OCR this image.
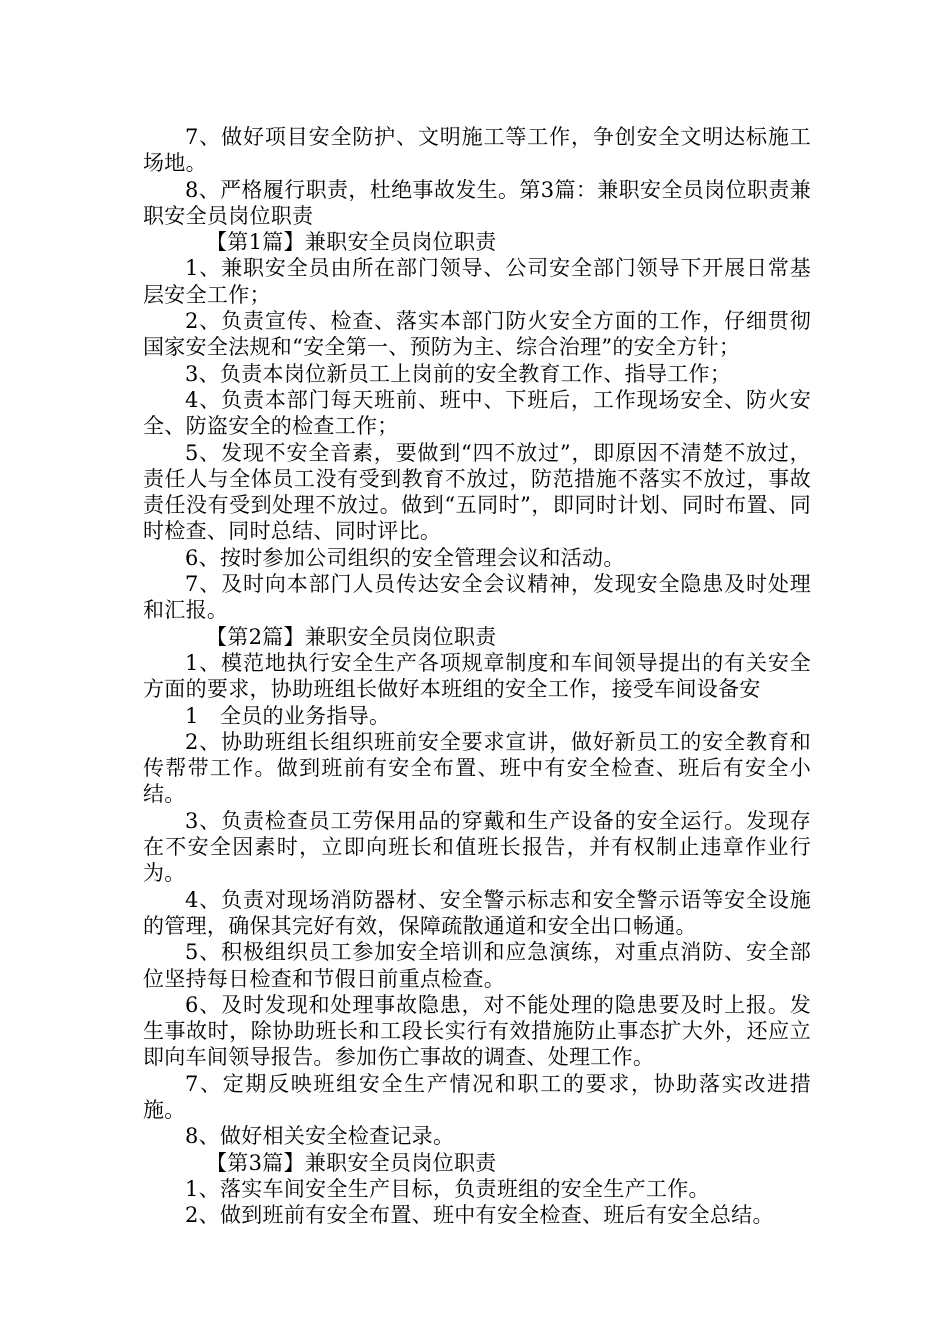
7、做好项目安全防护、文明施工等工作，争创安全文明达标施工场地。

8、严格履行职责，杜绝事故发生。第3篇：兼职安全员岗位职责兼职安全员岗位职责

【第1篇】兼职安全员岗位职责

1、兼职安全员由所在部门领导、公司安全部门领导下开展日常基层安全工作；

2、负责宣传、检查、落实本部门防火安全方面的工作，仔细贯彻国家安全法规和“安全第一、预防为主、综合治理”的安全方针；

3、负责本岗位新员工上岗前的安全教育工作、指导工作；

4、负责本部门每天班前、班中、下班后，工作现场安全、防火安全、防盗安全的检查工作；

5、发现不安全音素，要做到“四不放过”，即原因不清楚不放过，责任人与全体员工没有受到教育不放过，防范措施不落实不放过，事故责任没有受到处理不放过。做到“五同时”，即同时计划、同时布置、同时检查、同时总结、同时评比。

6、按时参加公司组织的安全管理会议和活动。

7、及时向本部门人员传达安全会议精神，发现安全隐患及时处理和汇报。

【第2篇】兼职安全员岗位职责

1、模范地执行安全生产各项规章制度和车间领导提出的有关安全方面的要求，协助班组长做好本班组的安全工作，接受车间设备安

1　全员的业务指导。

2、协助班组长组织班前安全要求宣讲，做好新员工的安全教育和传帮带工作。做到班前有安全布置、班中有安全检查、班后有安全小结。

3、负责检查员工劳保用品的穿戴和生产设备的安全运行。发现存在不安全因素时，立即向班长和值班长报告，并有权制止违章作业行为。

4、负责对现场消防器材、安全警示标志和安全警示语等安全设施的管理，确保其完好有效，保障疏散通道和安全出口畅通。

5、积极组织员工参加安全培训和应急演练，对重点消防、安全部位坚持每日检查和节假日前重点检查。

6、及时发现和处理事故隐患，对不能处理的隐患要及时上报。发生事故时，除协助班长和工段长实行有效措施防止事态扩大外，还应立即向车间领导报告。参加伤亡事故的调查、处理工作。

7、定期反映班组安全生产情况和职工的要求，协助落实改进措施。

8、做好相关安全检查记录。

【第3篇】兼职安全员岗位职责

1、落实车间安全生产目标，负责班组的安全生产工作。

2、做到班前有安全布置、班中有安全检查、班后有安全总结。
